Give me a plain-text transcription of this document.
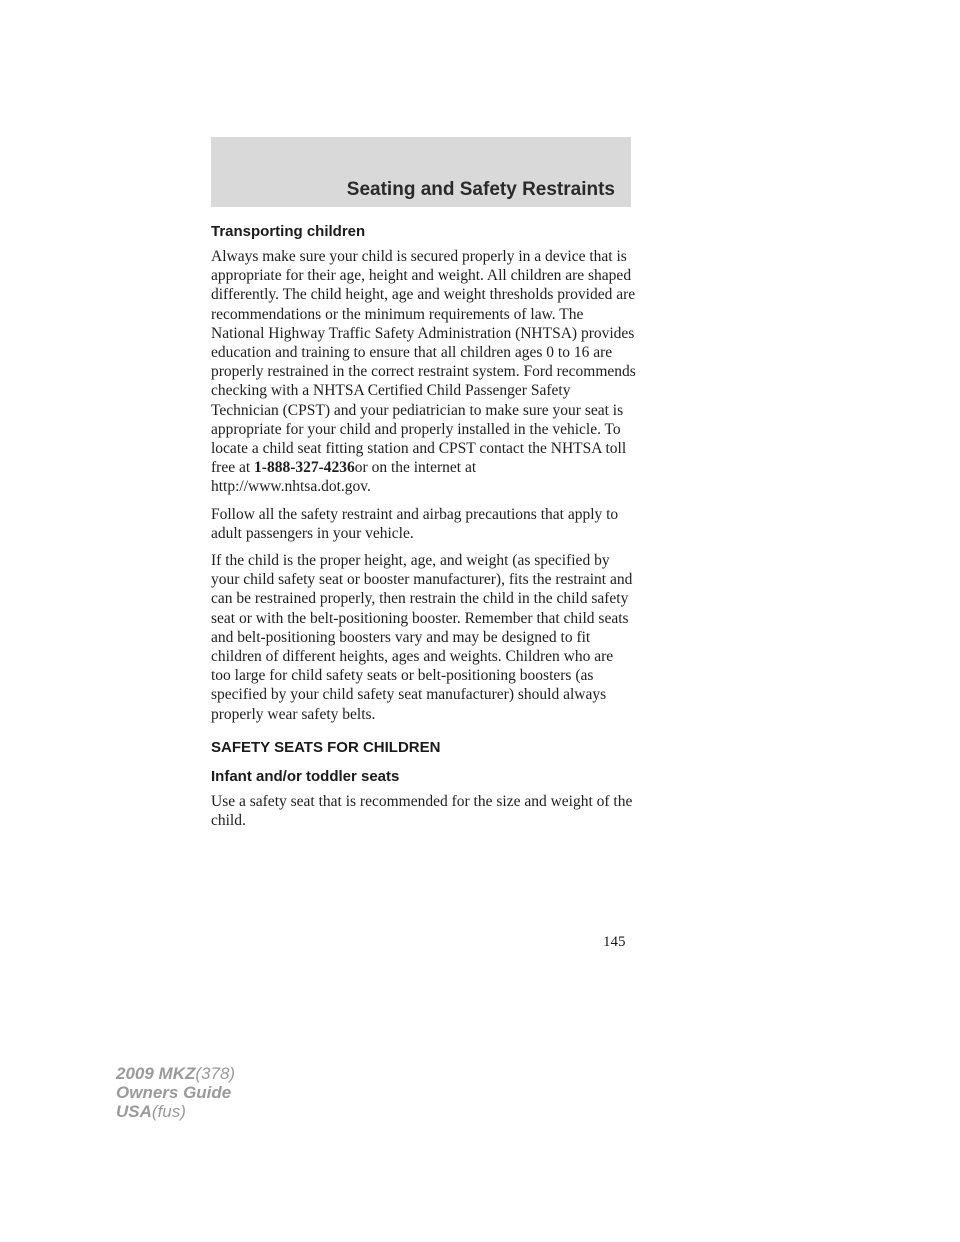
Seating and Safety Restraints
Transporting children

Always make sure your child is secured properly in a device that is appropriate for their age, height and weight. All children are shaped differently. The child height, age and weight thresholds provided are recommendations or the minimum requirements of law. The National Highway Traffic Safety Administration (NHTSA) provides education and training to ensure that all children ages 0 to 16 are properly restrained in the correct restraint system. Ford recommends checking with a NHTSA Certified Child Passenger Safety Technician (CPST) and your pediatrician to make sure your seat is appropriate for your child and properly installed in the vehicle. To locate a child seat fitting station and CPST contact the NHTSA toll free at 1-888-327-4236or on the internet at http://www.nhtsa.dot.gov.

Follow all the safety restraint and airbag precautions that apply to adult passengers in your vehicle.

If the child is the proper height, age, and weight (as specified by your child safety seat or booster manufacturer), fits the restraint and can be restrained properly, then restrain the child in the child safety seat or with the belt-positioning booster. Remember that child seats and belt-positioning boosters vary and may be designed to fit children of different heights, ages and weights. Children who are too large for child safety seats or belt-positioning boosters (as specified by your child safety seat manufacturer) should always properly wear safety belts.

SAFETY SEATS FOR CHILDREN
Infant and/or toddler seats

Use a safety seat that is recommended for the size and weight of the child.

145
2009 MKZ(378)
Owners Guide
USA(fus)
